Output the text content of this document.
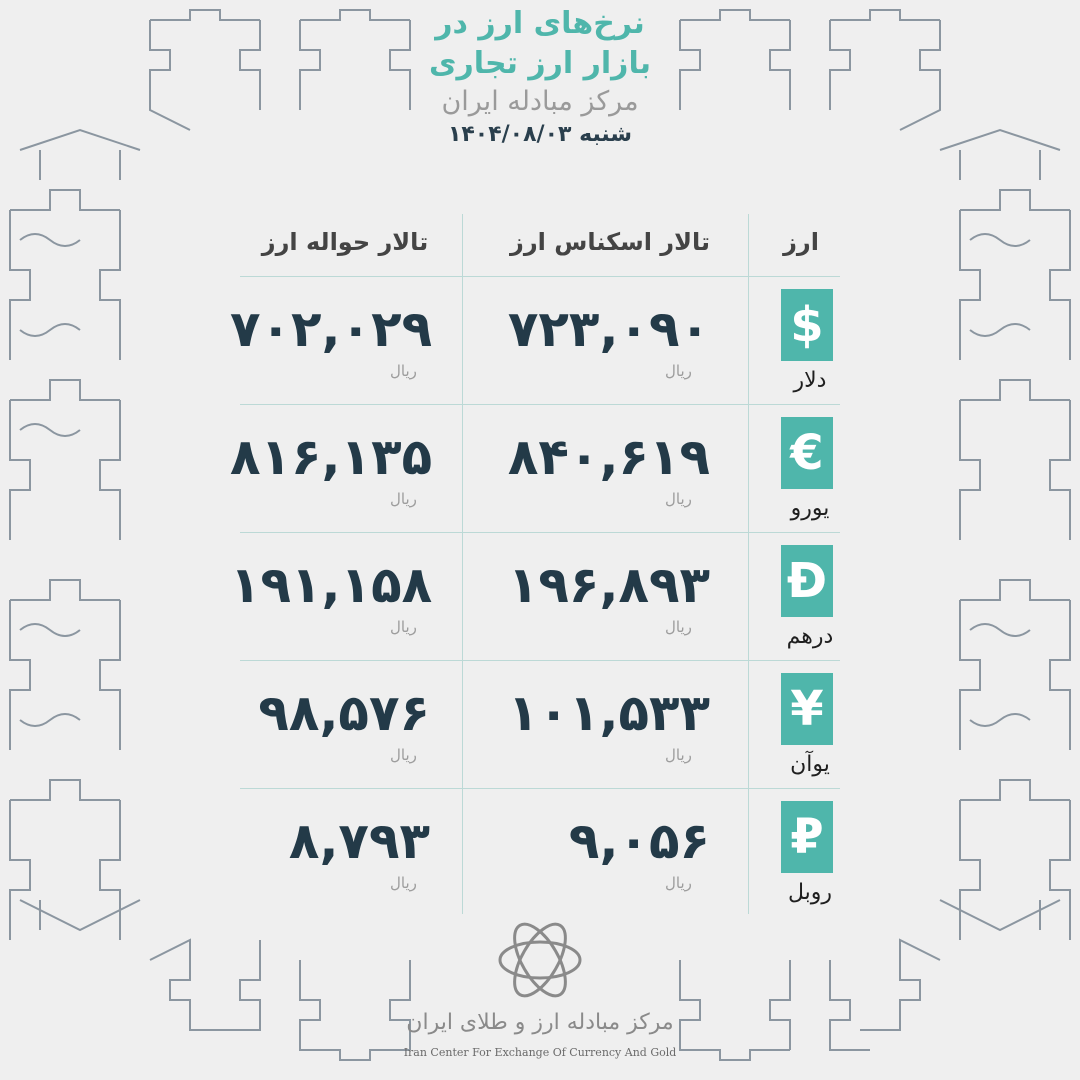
نرخ‌های ارز در
بازار ارز تجاری
مرکز مبادله ایران
شنبه ۱۴۰۴/۰۸/۰۳
ارز
تالار اسکناس ارز
تالار حواله ارز
$
دلار
۷۲۳,۰۹۰
ریال
۷۰۲,۰۲۹
ریال
€
یورو
۸۴۰,۶۱۹
ریال
۸۱۶,۱۳۵
ریال
Đ
درهم
۱۹۶,۸۹۳
ریال
۱۹۱,۱۵۸
ریال
¥
یوآن
۱۰۱,۵۳۳
ریال
۹۸,۵۷۶
ریال
₽
روبل
۹,۰۵۶
ریال
۸,۷۹۳
ریال
مرکز مبادله ارز و طلای ایران
Iran Center For Exchange Of Currency And Gold
